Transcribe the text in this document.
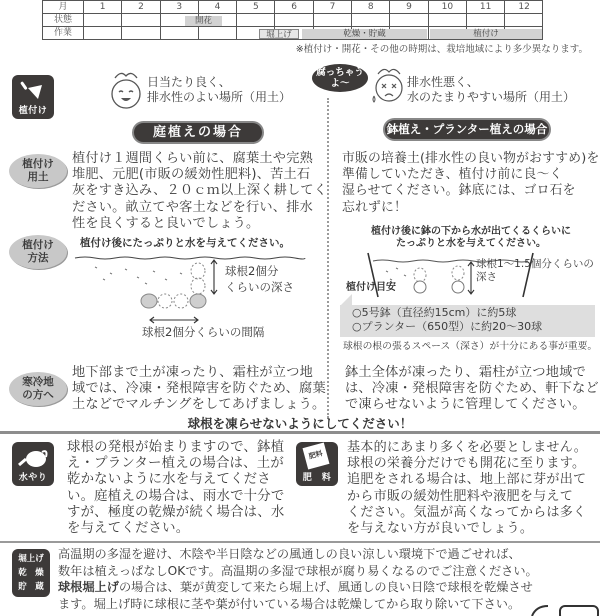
月	1	2	3	4	5	6	7	8	9	10	11	12
状態	開花
作業	堀上げ	乾燥・貯蔵	植付け
※植付け・開花・その他の時期は、栽培地域により多少異なります。
植付け
日当たり良く、
排水性のよい場所（用土）
庭植えの場合
腐っちゃう
よ～	排水性悪く、
水のたまりやすい場所（用土）
鉢植え・プランター植えの場合
植付け
用土
植付け１週間くらい前に、腐葉土や完熟
堆肥、元肥(市販の緩効性肥料)、苦土石
灰をすき込み、２０ｃｍ以上深く耕してく
ださい。畝立てや客土などを行い、排水
性を良くすると良いでしょう。
市販の培養土(排水性の良い物がおすすめ)を
準備していただき、植付け前に良～く
湿らせてください。鉢底には、ゴロ石を
忘れずに！
植付け
方法
植付け後にたっぷりと水を与えてください。
球根2個分
くらいの深さ
球根2個分くらいの間隔
植付け後に鉢の下から水が出てくるくらいに
たっぷりと水を与えてください。
球根1～1.5個分くらいの
深さ
植付け目安
○5号鉢（直径約15cm）に約5球
○プランター（650型）に約20～30球
球根の根の張るスペース（深さ）が十分にある事が重要。
寒冷地
の方へ
地下部まで土が凍ったり、霜柱が立つ地
域では、冷凍・発根障害を防ぐため、腐葉
土などでマルチングをしてあげましょう。
鉢土全体が凍ったり、霜柱が立つ地域で
は、冷凍・発根障害を防ぐため、軒下など
で凍らせないように管理してください。
球根を凍らせないようにしてください！
水やり
球根の発根が始まりますので、鉢植
え・プランター植えの場合は、土が
乾かないように水を与えてくださ
い。庭植えの場合は、雨水で十分で
すが、極度の乾燥が続く場合は、水
を与えてください。
肥料
肥　料
基本的にあまり多くを必要としません。
球根の栄養分だけでも開花に至ります。
追肥をされる場合は、地上部に芽が出て
から市販の緩効性肥料や液肥を与えて
ください。気温が高くなってからは多く
を与えない方が良いでしょう。
堀上げ
乾　燥
貯　蔵
高温期の多湿を避け、木陰や半日陰などの風通しの良い涼しい環境下で過ごせれば、
数年は植えっぱなしOKです。高温期の多湿で球根が腐り易くなるのでご注意ください。
球根堀上げの場合は、葉が黄変して来たら堀上げ、風通しの良い日陰で球根を乾燥させ
ます。堀上げ時に球根に茎や葉が付いている場合は乾燥してから取り除いて下さい。
